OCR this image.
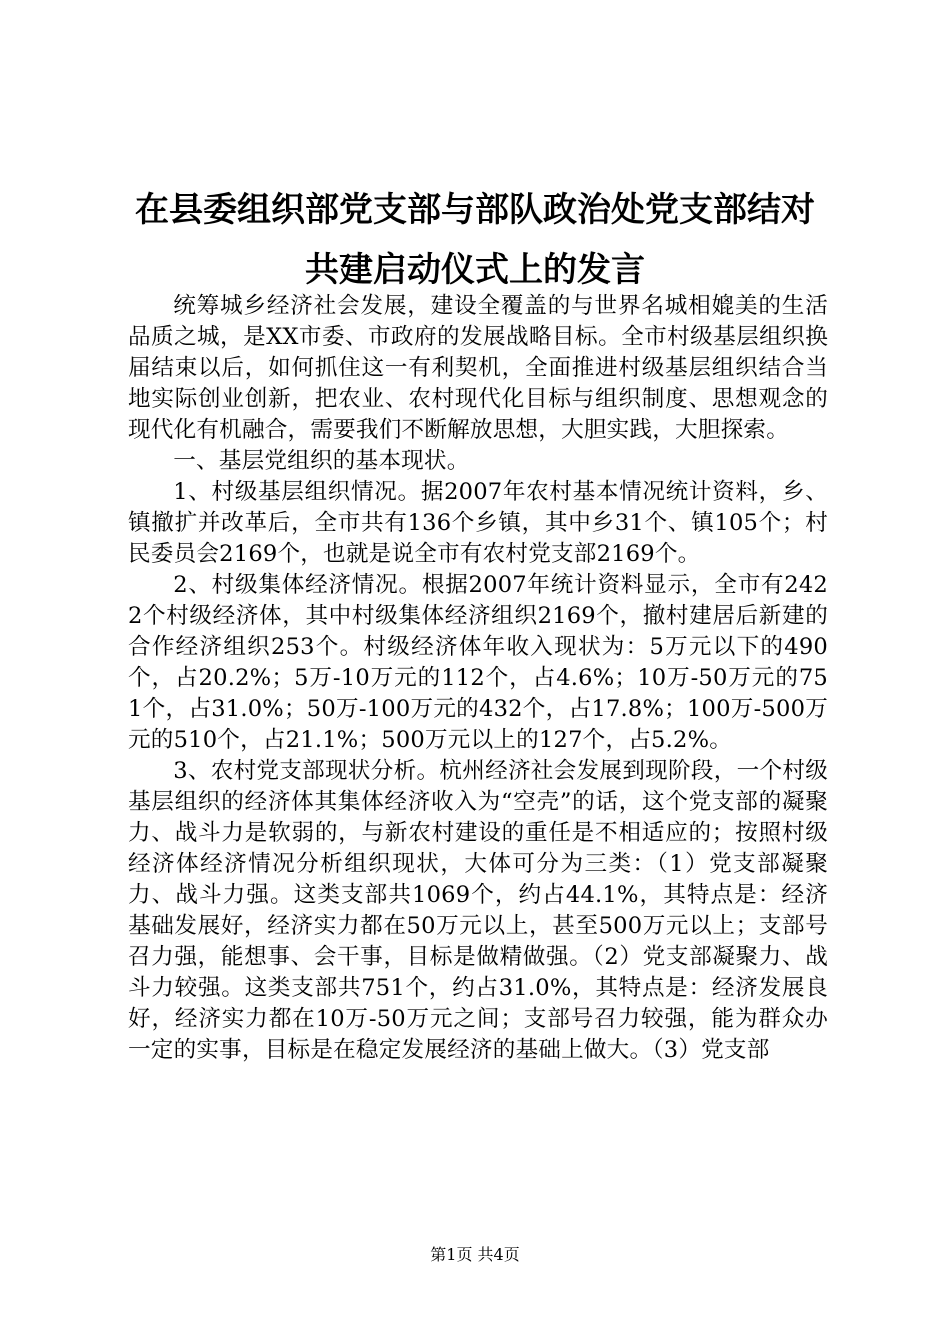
在县委组织部党支部与部队政治处党支部结对
共建启动仪式上的发言

统筹城乡经济社会发展，建设全覆盖的与世界名城相媲美的生活品质之城，是XX市委、市政府的发展战略目标。全市村级基层组织换届结束以后，如何抓住这一有利契机，全面推进村级基层组织结合当地实际创业创新，把农业、农村现代化目标与组织制度、思想观念的现代化有机融合，需要我们不断解放思想，大胆实践，大胆探索。

一、基层党组织的基本现状。

1、村级基层组织情况。据2007年农村基本情况统计资料，乡、镇撤扩并改革后，全市共有136个乡镇，其中乡31个、镇105个；村民委员会2169个，也就是说全市有农村党支部2169个。

2、村级集体经济情况。根据2007年统计资料显示，全市有2422个村级经济体，其中村级集体经济组织2169个，撤村建居后新建的合作经济组织253个。村级经济体年收入现状为：5万元以下的490个，占20.2%；5万-10万元的112个，占4.6%；10万-50万元的751个，占31.0%；50万-100万元的432个，占17.8%；100万-500万元的510个，占21.1%；500万元以上的127个，占5.2%。

3、农村党支部现状分析。杭州经济社会发展到现阶段，一个村级基层组织的经济体其集体经济收入为“空壳”的话，这个党支部的凝聚力、战斗力是软弱的，与新农村建设的重任是不相适应的；按照村级经济体经济情况分析组织现状，大体可分为三类：（1）党支部凝聚力、战斗力强。这类支部共1069个，约占44.1%，其特点是：经济基础发展好，经济实力都在50万元以上，甚至500万元以上；支部号召力强，能想事、会干事，目标是做精做强。（2）党支部凝聚力、战斗力较强。这类支部共751个，约占31.0%，其特点是：经济发展良好，经济实力都在10万-50万元之间；支部号召力较强，能为群众办一定的实事，目标是在稳定发展经济的基础上做大。（3）党支部

第1页 共4页
